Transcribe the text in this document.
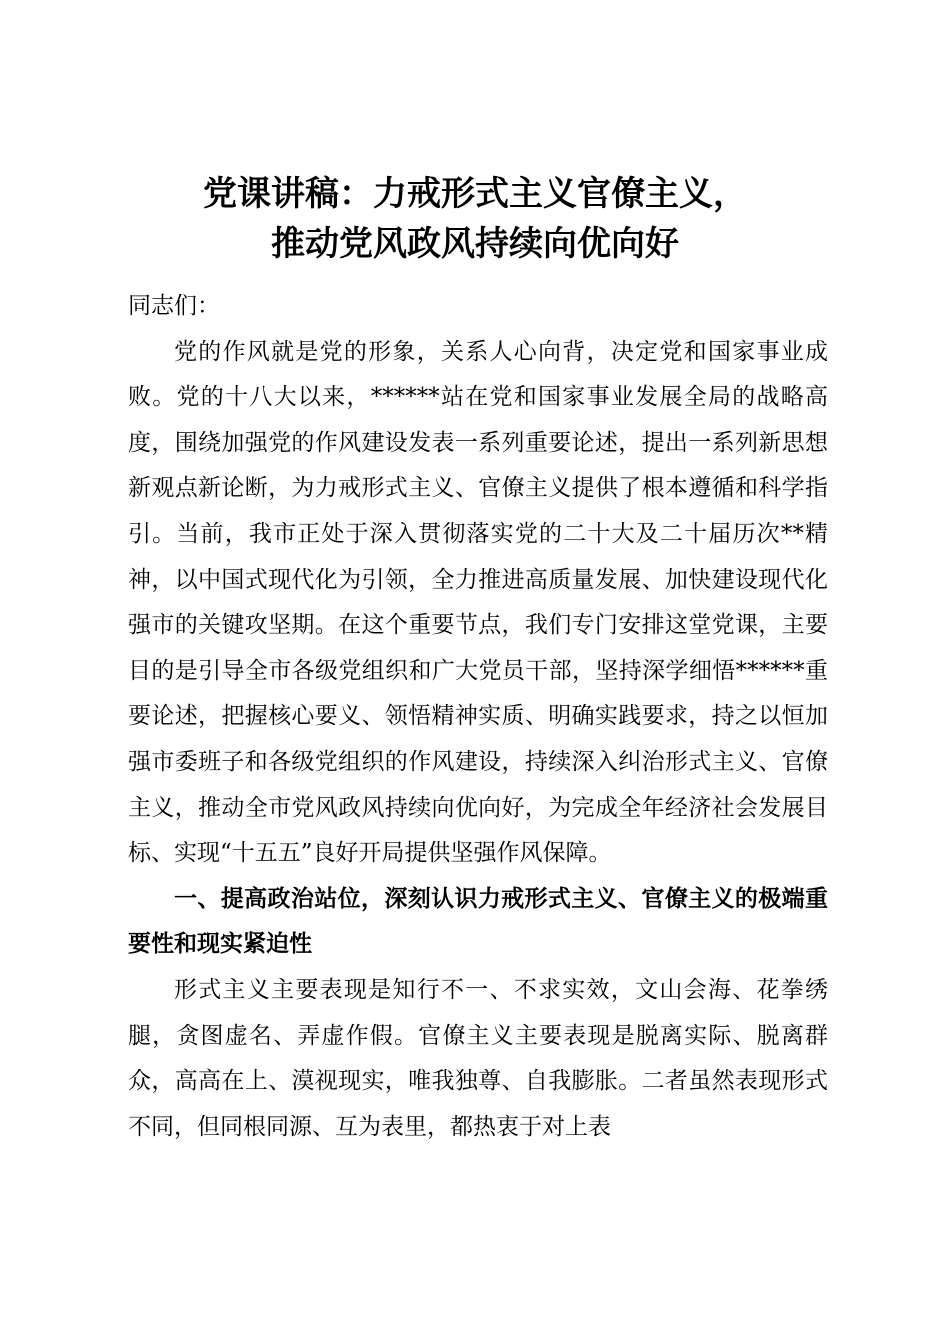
党课讲稿：力戒形式主义官僚主义，
推动党风政风持续向优向好

同志们：

党的作风就是党的形象，关系人心向背，决定党和国家事业成败。党的十八大以来，******站在党和国家事业发展全局的战略高度，围绕加强党的作风建设发表一系列重要论述，提出一系列新思想新观点新论断，为力戒形式主义、官僚主义提供了根本遵循和科学指引。当前，我市正处于深入贯彻落实党的二十大及二十届历次**精神，以中国式现代化为引领，全力推进高质量发展、加快建设现代化强市的关键攻坚期。在这个重要节点，我们专门安排这堂党课，主要目的是引导全市各级党组织和广大党员干部，坚持深学细悟******重要论述，把握核心要义、领悟精神实质、明确实践要求，持之以恒加强市委班子和各级党组织的作风建设，持续深入纠治形式主义、官僚主义，推动全市党风政风持续向优向好，为完成全年经济社会发展目标、实现“十五五”良好开局提供坚强作风保障。

一、提高政治站位，深刻认识力戒形式主义、官僚主义的极端重要性和现实紧迫性

形式主义主要表现是知行不一、不求实效，文山会海、花拳绣腿，贪图虚名、弄虚作假。官僚主义主要表现是脱离实际、脱离群众，高高在上、漠视现实，唯我独尊、自我膨胀。二者虽然表现形式不同，但同根同源、互为表里，都热衷于对上表
